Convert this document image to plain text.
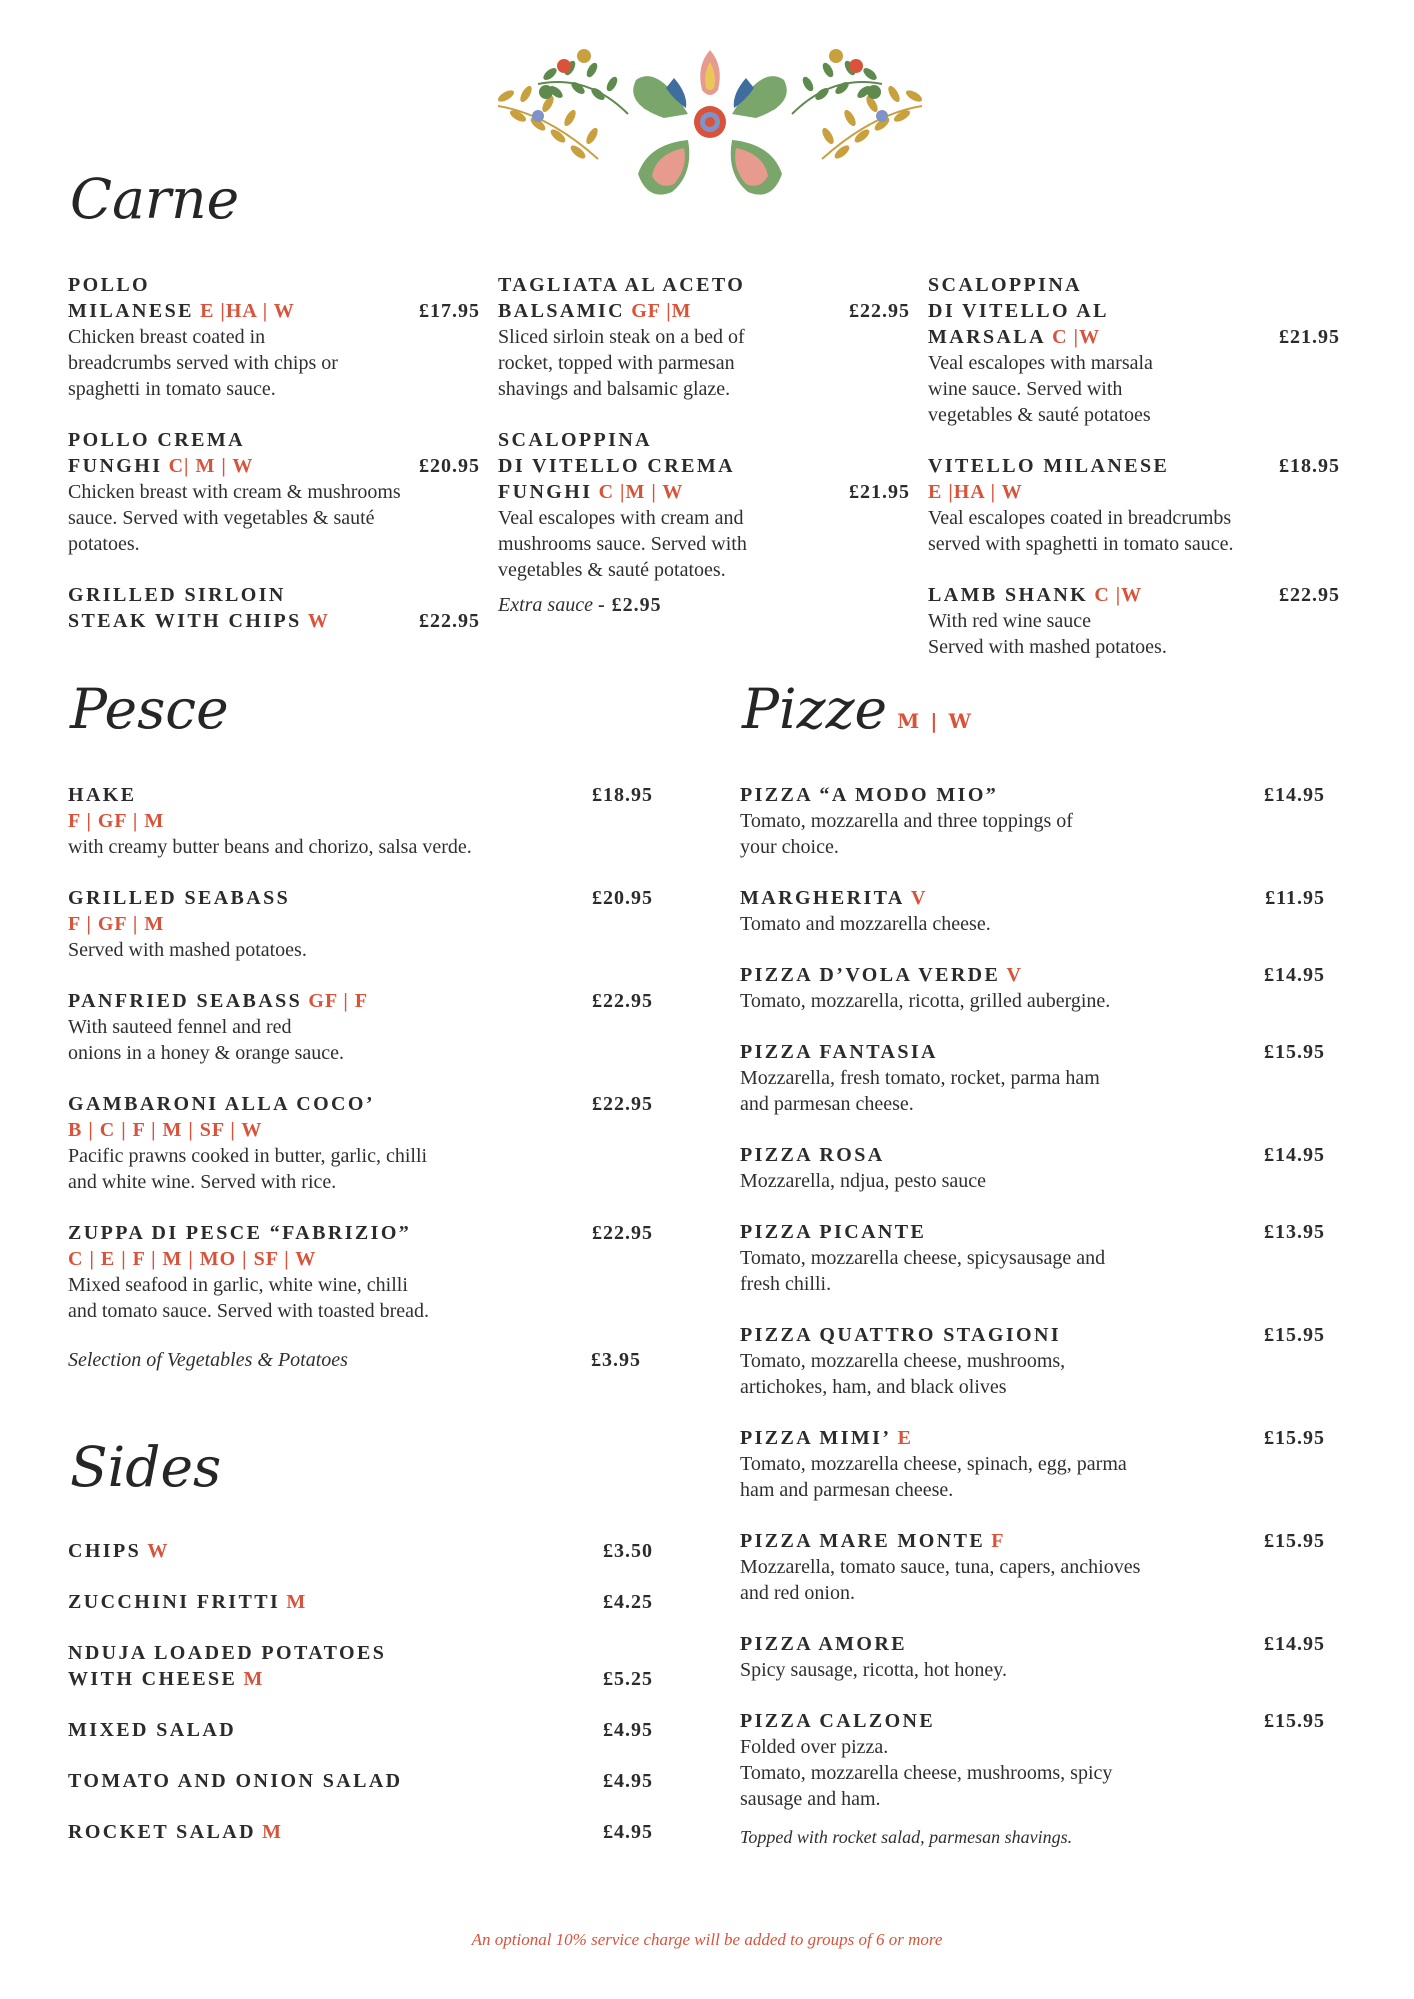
Carne
POLLO
MILANESE E |HA | W	£17.95
Chicken breast coated in
breadcrumbs served with chips or
spaghetti in tomato sauce.
POLLO CREMA
FUNGHI C| M | W	£20.95
Chicken breast with cream & mushrooms
sauce. Served with vegetables & sauté
potatoes.
GRILLED SIRLOIN
STEAK WITH CHIPS W	£22.95
TAGLIATA AL ACETO
BALSAMIC GF |M	£22.95
Sliced sirloin steak on a bed of
rocket, topped with parmesan
shavings and balsamic glaze.
SCALOPPINA
DI VITELLO CREMA
FUNGHI C |M | W	£21.95
Veal escalopes with cream and
mushrooms sauce. Served with
vegetables & sauté potatoes.
Extra sauce - £2.95
SCALOPPINA
DI VITELLO AL
MARSALA C |W	£21.95
Veal escalopes with marsala
wine sauce. Served with
vegetables & sauté potatoes
VITELLO MILANESE	£18.95
E |HA | W
Veal escalopes coated in breadcrumbs
served with spaghetti in tomato sauce.
LAMB SHANK C |W	£22.95
With red wine sauce
Served with mashed potatoes.
Pesce
HAKE	£18.95
F | GF | M
with creamy butter beans and chorizo, salsa verde.
GRILLED SEABASS	£20.95
F | GF | M
Served with mashed potatoes.
PANFRIED SEABASS GF | F	£22.95
With sauteed fennel and red
onions in a honey & orange sauce.
GAMBARONI ALLA COCO’	£22.95
B | C | F | M | SF | W
Pacific prawns cooked in butter, garlic, chilli
and white wine. Served with rice.
ZUPPA DI PESCE “FABRIZIO”	£22.95
C | E | F | M | MO | SF | W
Mixed seafood in garlic, white wine, chilli
and tomato sauce. Served with toasted bread.
Selection of Vegetables & Potatoes	£3.95
Sides
CHIPS W	£3.50
ZUCCHINI FRITTI M	£4.25
NDUJA LOADED POTATOES
WITH CHEESE M	£5.25
MIXED SALAD	£4.95
TOMATO AND ONION SALAD	£4.95
ROCKET SALAD M	£4.95
Pizze M | W
PIZZA “A MODO MIO”	£14.95
Tomato, mozzarella and three toppings of
your choice.
MARGHERITA V	£11.95
Tomato and mozzarella cheese.
PIZZA D’VOLA VERDE V	£14.95
Tomato, mozzarella, ricotta, grilled aubergine.
PIZZA FANTASIA	£15.95
Mozzarella, fresh tomato, rocket, parma ham
and parmesan cheese.
PIZZA ROSA	£14.95
Mozzarella, ndjua, pesto sauce
PIZZA PICANTE	£13.95
Tomato, mozzarella cheese, spicysausage and
fresh chilli.
PIZZA QUATTRO STAGIONI	£15.95
Tomato, mozzarella cheese, mushrooms,
artichokes, ham, and black olives
PIZZA MIMI’ E	£15.95
Tomato, mozzarella cheese, spinach, egg, parma
ham and parmesan cheese.
PIZZA MARE MONTE F	£15.95
Mozzarella, tomato sauce, tuna, capers, anchioves
and red onion.
PIZZA AMORE	£14.95
Spicy sausage, ricotta, hot honey.
PIZZA CALZONE	£15.95
Folded over pizza.
Tomato, mozzarella cheese, mushrooms, spicy
sausage and ham.
Topped with rocket salad, parmesan shavings.
An optional 10% service charge will be added to groups of 6 or more
